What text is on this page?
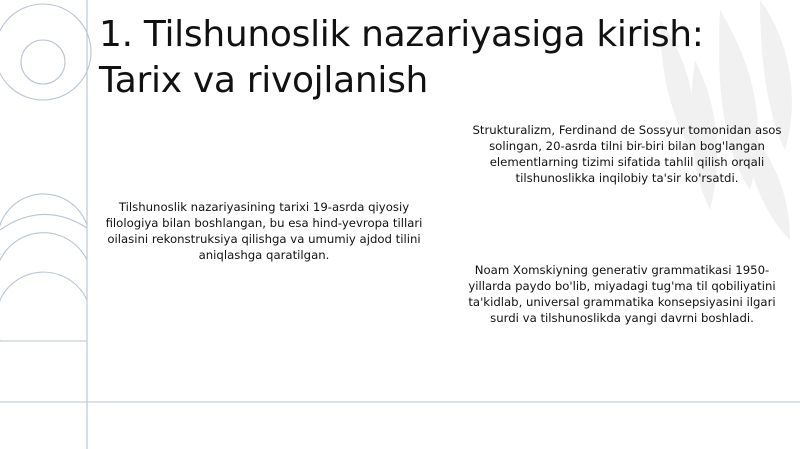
1. Tilshunoslik nazariyasiga kirish:
Tarix va rivojlanish
Strukturalizm, Ferdinand de Sossyur tomonidan asos solingan, 20-asrda tilni bir-biri bilan bog'langan elementlarning tizimi sifatida tahlil qilish orqali tilshunoslikka inqilobiy ta'sir ko'rsatdi.
Tilshunoslik nazariyasining tarixi 19-asrda qiyosiy filologiya bilan boshlangan, bu esa hind-yevropa tillari oilasini rekonstruksiya qilishga va umumiy ajdod tilini aniqlashga qaratilgan.
Noam Xomskiyning generativ grammatikasi 1950-yillarda paydo bo'lib, miyadagi tug'ma til qobiliyatini ta'kidlab, universal grammatika konsepsiyasini ilgari surdi va tilshunoslikda yangi davrni boshladi.
